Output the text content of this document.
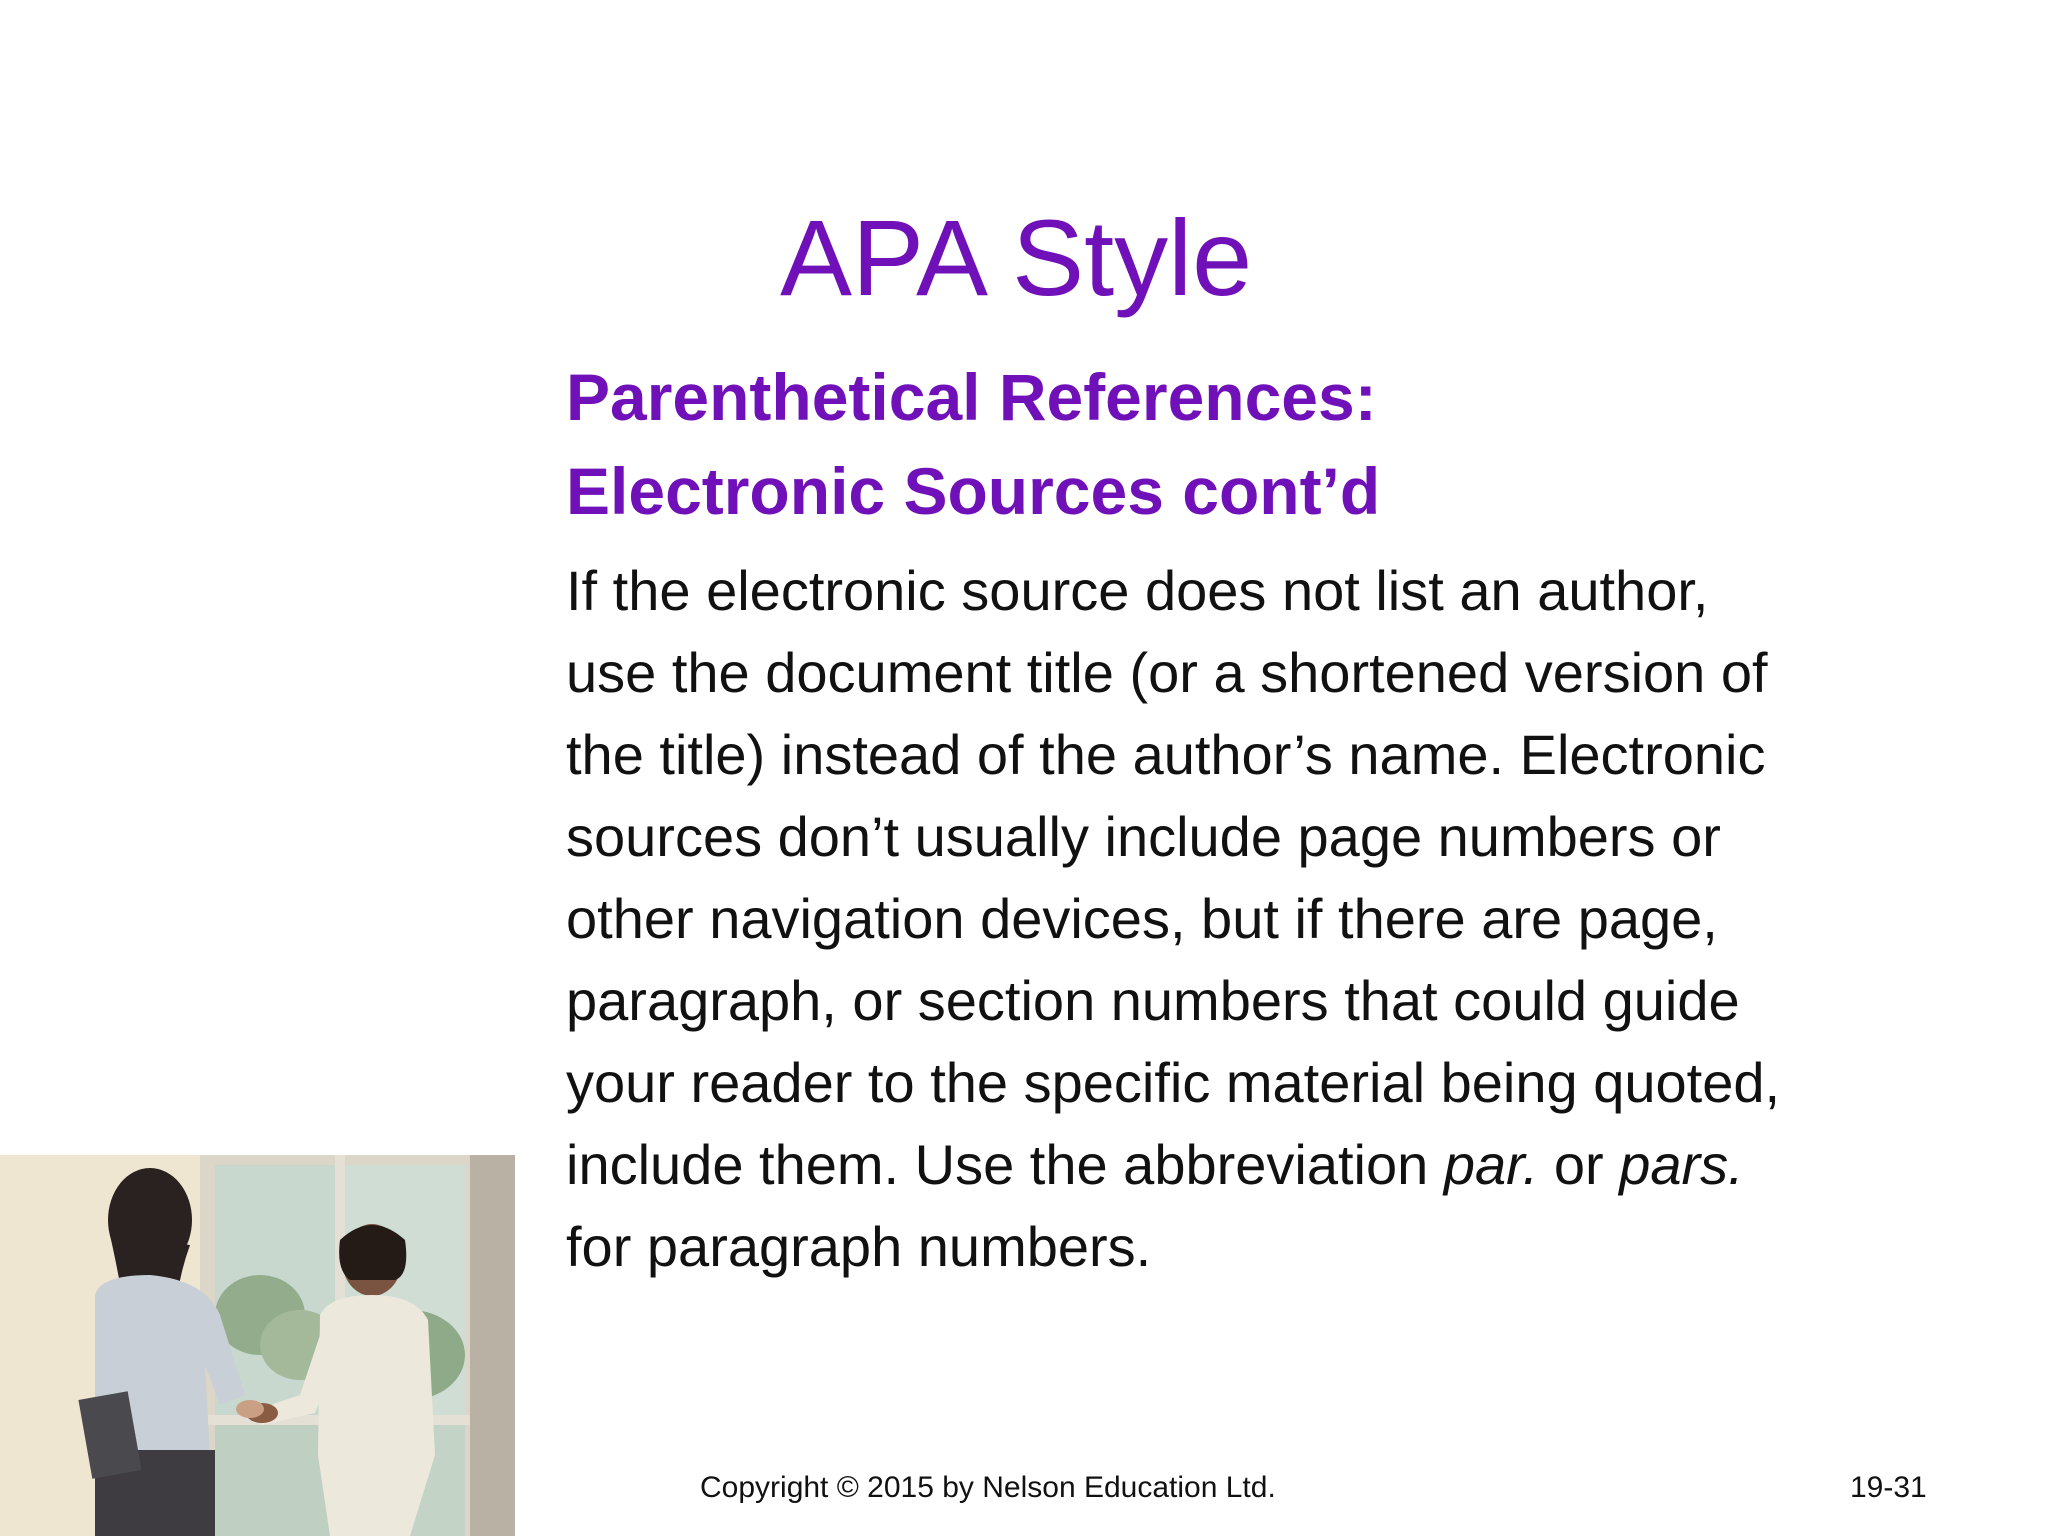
APA Style
Parenthetical References:
Electronic Sources cont’d
If the electronic source does not list an author,
use the document title (or a shortened version of
the title) instead of the author’s name. Electronic
sources don’t usually include page numbers or
other navigation devices, but if there are page,
paragraph, or section numbers that could guide
your reader to the specific material being quoted,
include them. Use the abbreviation par. or pars.
for paragraph numbers.
Copyright © 2015 by Nelson Education Ltd.	19-31
